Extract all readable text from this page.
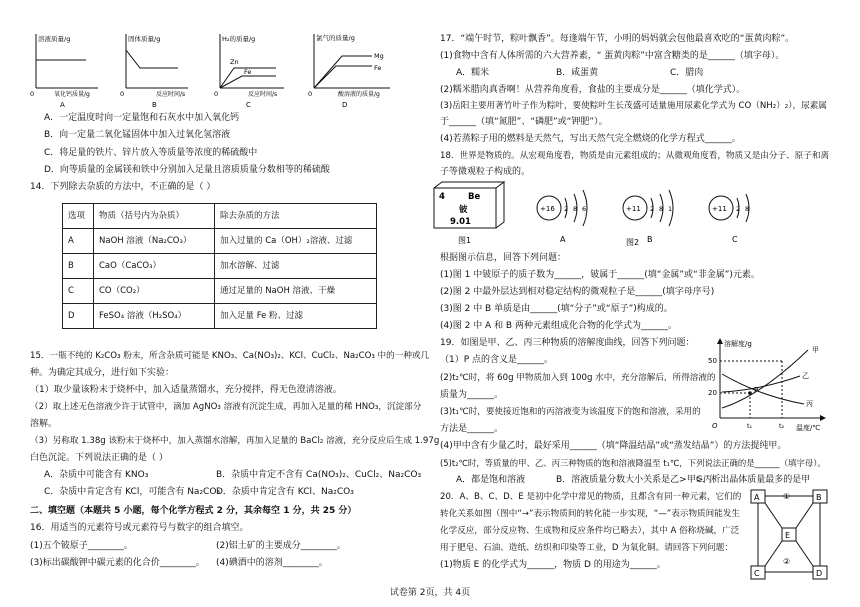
溶液质量/g
0	氧化钙质量/g
A
固体质量/g
0	反应时间/s
B
H₂的质量/g
Zn
Fe
0	反应时间/s
C
氯气的质量/g
Mg
Fe
0	酸溶液的质量/g
D
A．一定温度时向一定量饱和石灰水中加入氧化钙
B．向一定量二氧化锰固体中加入过氧化氢溶液
C．将足量的铁片、锌片放入等质量等浓度的稀硫酸中
D．向等质量的金属镁和铁中分别加入足量且溶质质量分数相等的稀硫酸
14．下列除去杂质的方法中，不正确的是（ ）
选项	物质（括号内为杂质）	除去杂质的方法
A	NaOH 溶液（Na₂CO₃）	加入过量的 Ca（OH）₂溶液、过滤
B	CaO（CaCO₃）	加水溶解、过滤
C	CO（CO₂）	通过足量的 NaOH 溶液、干燥
D	FeSO₄ 溶液（H₂SO₄）	加入足量 Fe 粉、过滤
15．一瓶不纯的 K₂CO₃ 粉末，所含杂质可能是 KNO₃、Ca(NO₃)₂、KCl、CuCl₂、Na₂CO₃ 中的一种或几
种。为确定其成分，进行如下实验：
（1）取少量该粉末于烧杯中，加入适量蒸馏水，充分搅拌，得无色澄清溶液。
（2）取上述无色溶液少许于试管中，滴加 AgNO₃ 溶液有沉淀生成，再加入足量的稀 HNO₃，沉淀部分
溶解。
（3）另称取 1.38g 该粉末于烧杯中，加入蒸馏水溶解，再加入足量的 BaCl₂ 溶液，充分反应后生成 1.97g
白色沉淀。下列说法正确的是（ ）
A．杂质中可能含有 KNO₃	B．杂质中肯定不含有 Ca(NO₃)₂、CuCl₂、Na₂CO₃
C．杂质中肯定含有 KCl，可能含有 Na₂CO₃
D．杂质中肯定含有 KCl、Na₂CO₃
二、填空题（本题共 5 小题，每个化学方程式 2 分，其余每空 1 分，共 25 分）
16．用适当的元素符号或元素符号与数字的组合填空。
(1)五个铍原子________。	(2)铝土矿的主要成分________。
(3)标出碳酸钾中碳元素的化合价________。 (4)碘酒中的溶剂________。
17．“端午时节，粽叶飘香”。每逢端午节，小明的妈妈就会包他最喜欢吃的“蛋黄肉粽”。
(1)食物中含有人体所需的六大营养素，“ 蛋黄肉粽”中富含糖类的是______（填字母）。
A．糯米	B．咸蛋黄	C．腊肉
(2)糯米腊肉真香啊！从营养角度看，食盐的主要成分是______（填化学式）。
(3)岳阳主要用著竹叶子作为粽叶，要使粽叶生长茂盛可适量施用尿素化学式为 CO（NH₂）₂），尿素属
于______（填“氮肥”、“磷肥”或“钾肥”）。
(4)若蒸粽子用的燃料是天然气，写出天然气完全燃烧的化学方程式______。
18．世界是物质的。从宏观角度看，物质是由元素组成的；从微观角度看，物质又是由分子、原子和离
子等微观粒子构成的。
4	Be
铍
9.01
图1
+16 2 8 6
A
+11 2 8 1
B
图2
+11 2 8
C
根据图示信息，回答下列问题：
(1)图 1 中铍原子的质子数为______，铍属于______(填“金属”或“非金属”)元素。
(2)图 2 中最外层达到相对稳定结构的微观粒子是______(填字母序号)
(3)图 2 中 B 单质是由______(填“分子”或“原子”)构成的。
(4)图 2 中 A 和 B 两种元素组成化合物的化学式为______。
19．如图是甲、乙、丙三种物质的溶解度曲线，回答下列问题：
（1）P 点的含义是______。
(2)t₂℃时，将 60g 甲物质加入到 100g 水中，充分溶解后，所得溶液的
质量为______。
(3)t₁℃时，要使接近饱和的丙溶液变为该温度下的饱和溶液，采用的
方法是______。
(4)甲中含有少量乙时，最好采用______（填“降温结晶”或“蒸发结晶”）的方法提纯甲。
(5)t₂℃时，等质量的甲、乙、丙三种物质的饱和溶液降温至 t₁℃，下列说法正确的是______（填字母）。
A．都是饱和溶液	B．溶液质量分数大小关系是乙>甲>丙
C．析出晶体质量最多的是甲
溶解度/g
温度/℃
O
50
20
t₁	t₂
P
甲
乙
丙
20．A、B、C、D、E 是初中化学中常见的物质，且都含有同一种元素，它们的
转化关系如图（图中“→”表示物质间的转化能一步实现，“—”表示物质间能发生
化学反应，部分反应物、生成物和反应条件均已略去），其中 A 俗称烧碱，广泛
用于肥皂、石油、造纸、纺织和印染等工业，D 为氧化铜。请回答下列问题：
(1)物质 E 的化学式为______，物质 D 的用途为______。
A	B
C	D
E
①
②
试卷第 2页，共 4页
